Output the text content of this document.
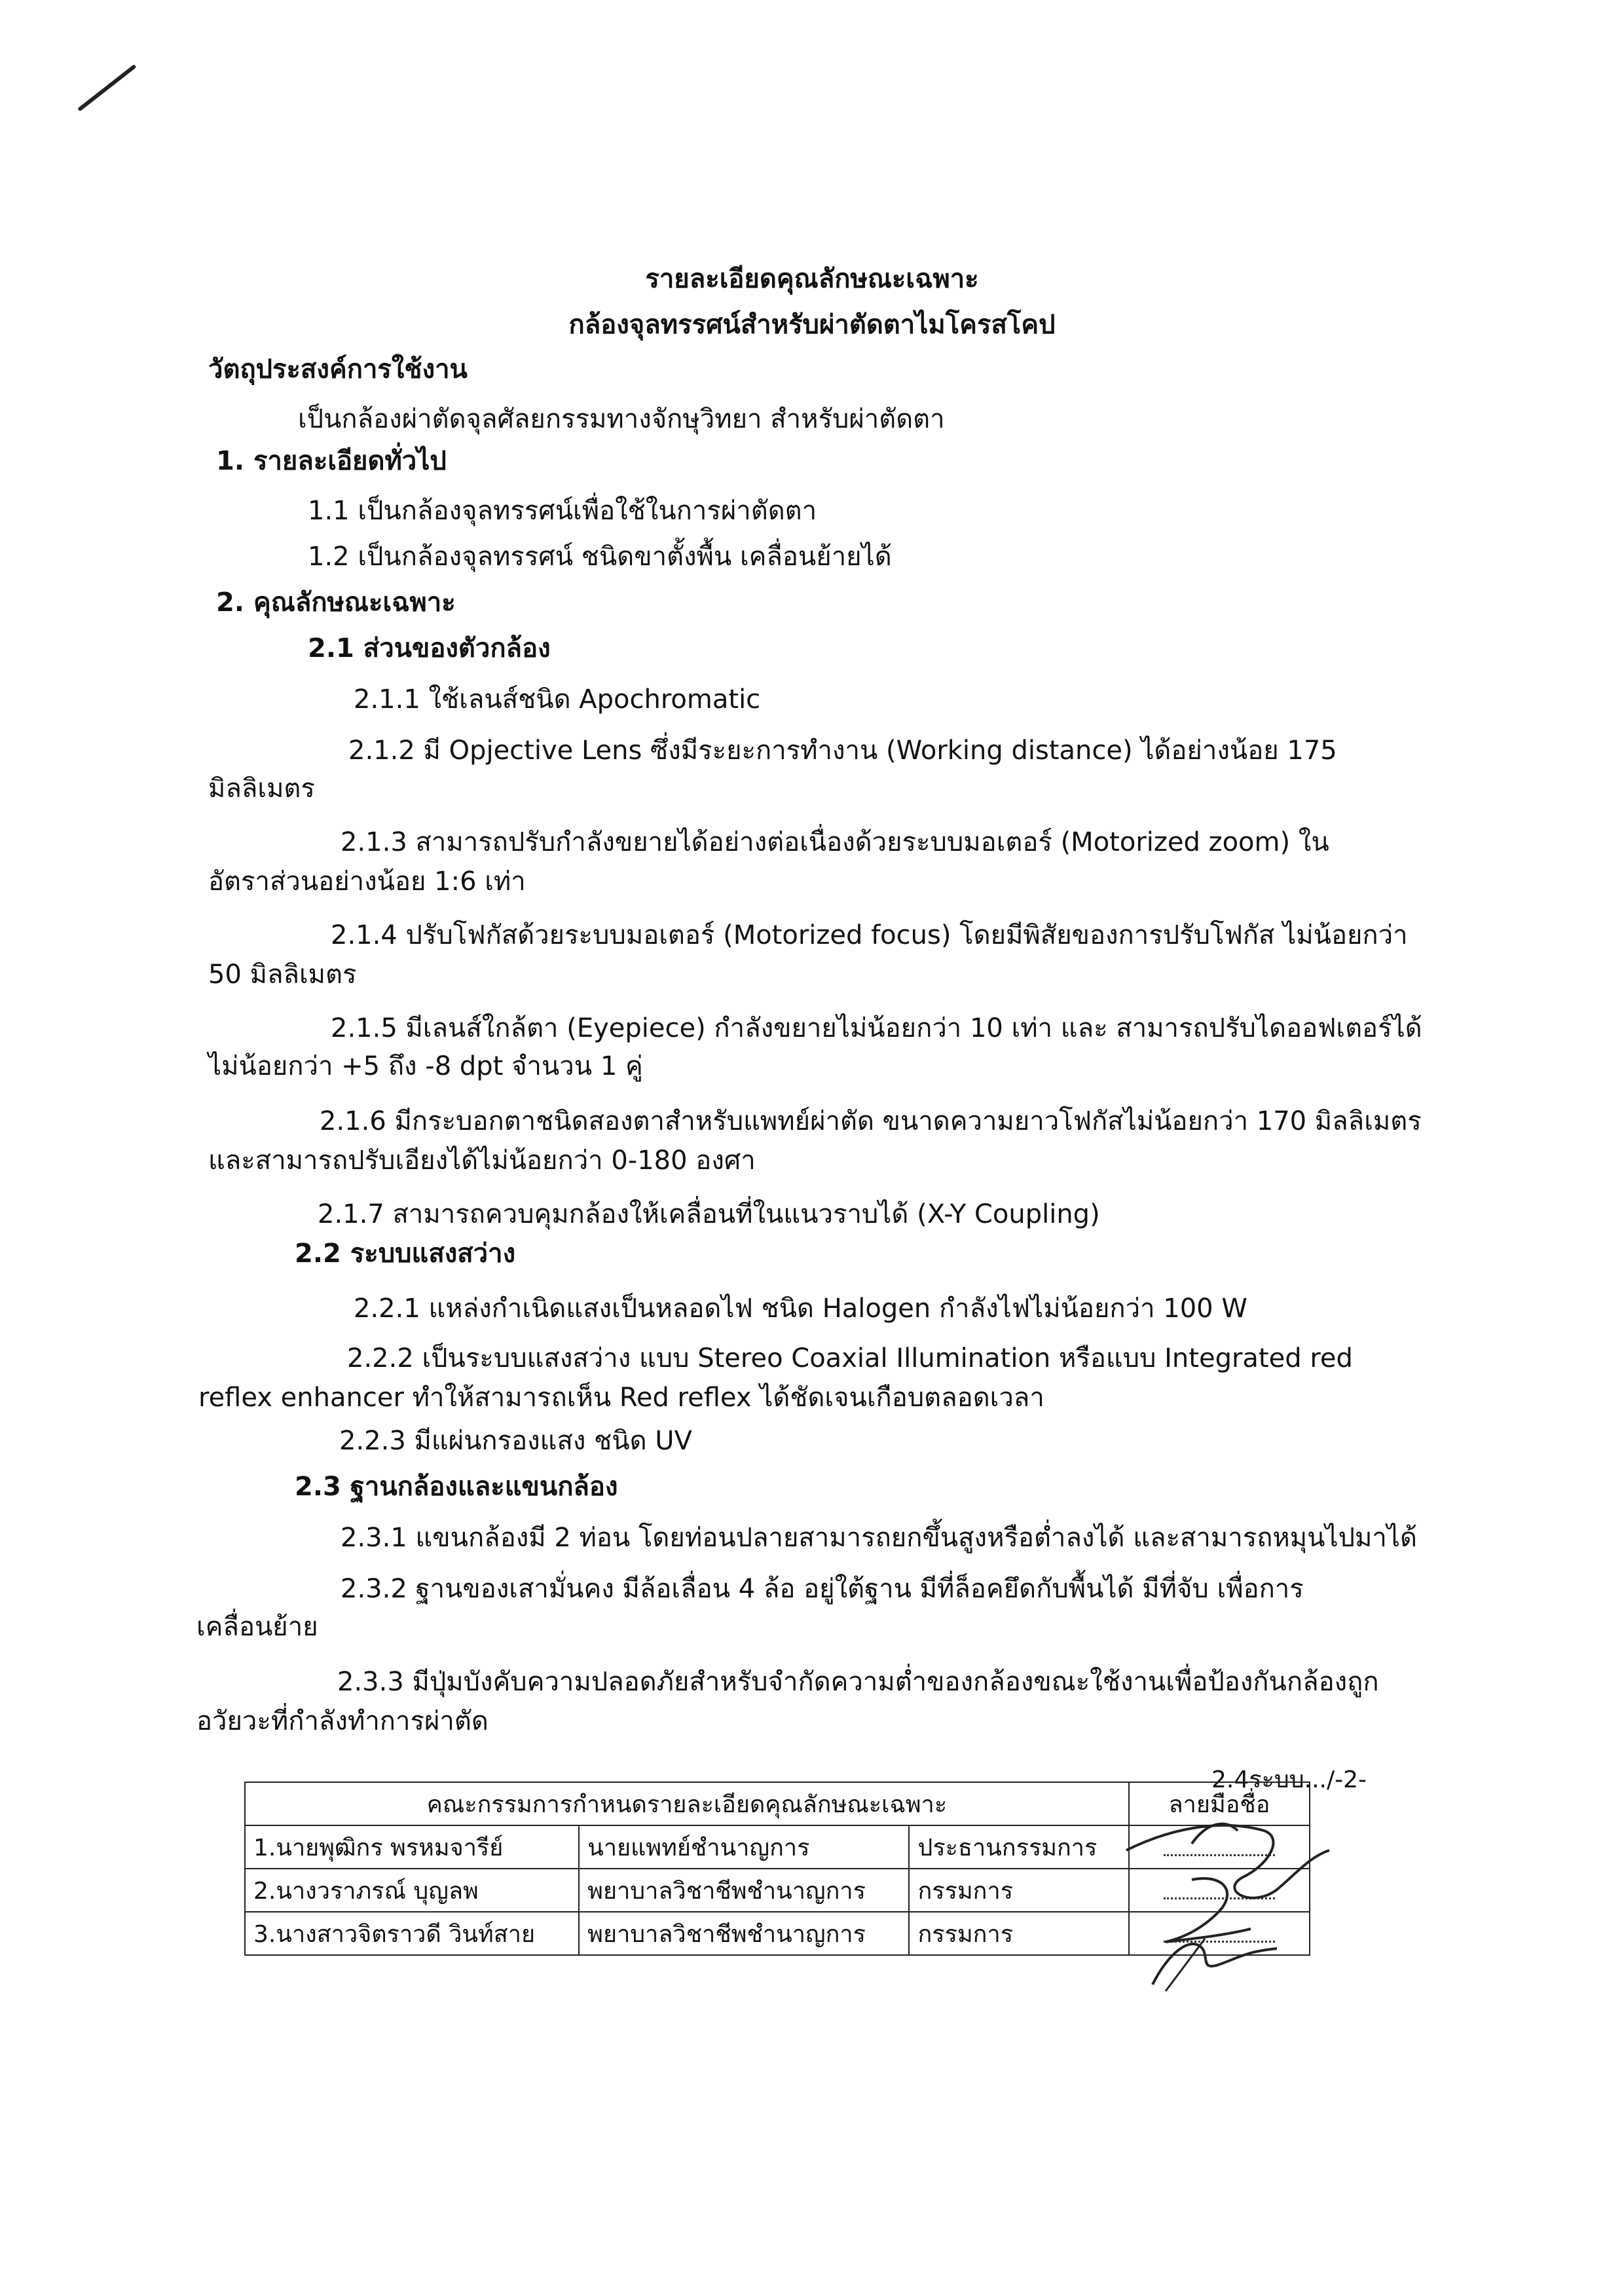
รายละเอียดคุณลักษณะเฉพาะ

กล้องจุลทรรศน์สำหรับผ่าตัดตาไมโครสโคป

วัตถุประสงค์การใช้งาน

เป็นกล้องผ่าตัดจุลศัลยกรรมทางจักษุวิทยา สำหรับผ่าตัดตา

1. รายละเอียดทั่วไป

1.1 เป็นกล้องจุลทรรศน์เพื่อใช้ในการผ่าตัดตา

1.2 เป็นกล้องจุลทรรศน์ ชนิดขาตั้งพื้น เคลื่อนย้ายได้

2. คุณลักษณะเฉพาะ

2.1 ส่วนของตัวกล้อง

2.1.1 ใช้เลนส์ชนิด Apochromatic

2.1.2 มี Opjective Lens ซึ่งมีระยะการทำงาน (Working distance) ได้อย่างน้อย 175

มิลลิเมตร

2.1.3 สามารถปรับกำลังขยายได้อย่างต่อเนื่องด้วยระบบมอเตอร์ (Motorized zoom) ใน

อัตราส่วนอย่างน้อย 1:6 เท่า

2.1.4 ปรับโฟกัสด้วยระบบมอเตอร์ (Motorized focus) โดยมีพิสัยของการปรับโฟกัส ไม่น้อยกว่า

50 มิลลิเมตร

2.1.5 มีเลนส์ใกล้ตา (Eyepiece) กำลังขยายไม่น้อยกว่า 10 เท่า และ สามารถปรับไดออฟเตอร์ได้

ไม่น้อยกว่า +5 ถึง -8 dpt จำนวน 1 คู่

2.1.6 มีกระบอกตาชนิดสองตาสำหรับแพทย์ผ่าตัด ขนาดความยาวโฟกัสไม่น้อยกว่า 170 มิลลิเมตร

และสามารถปรับเอียงได้ไม่น้อยกว่า 0-180 องศา

2.1.7 สามารถควบคุมกล้องให้เคลื่อนที่ในแนวราบได้ (X-Y Coupling)

2.2 ระบบแสงสว่าง

2.2.1 แหล่งกำเนิดแสงเป็นหลอดไฟ ชนิด Halogen กำลังไฟไม่น้อยกว่า 100 W

2.2.2 เป็นระบบแสงสว่าง แบบ Stereo Coaxial Illumination หรือแบบ Integrated red

reflex enhancer ทำให้สามารถเห็น Red reflex ได้ชัดเจนเกือบตลอดเวลา

2.2.3 มีแผ่นกรองแสง ชนิด UV

2.3 ฐานกล้องและแขนกล้อง

2.3.1 แขนกล้องมี 2 ท่อน โดยท่อนปลายสามารถยกขึ้นสูงหรือต่ำลงได้ และสามารถหมุนไปมาได้

2.3.2 ฐานของเสามั่นคง มีล้อเลื่อน 4 ล้อ อยู่ใต้ฐาน มีที่ล็อคยึดกับพื้นได้ มีที่จับ เพื่อการ

เคลื่อนย้าย

2.3.3 มีปุ่มบังคับความปลอดภัยสำหรับจำกัดความต่ำของกล้องขณะใช้งานเพื่อป้องกันกล้องถูก

อวัยวะที่กำลังทำการผ่าตัด

2.4ระบบ.../-2-

คณะกรรมการกำหนดรายละเอียดคุณลักษณะเฉพาะ			ลายมือชื่อ
1.นายพุฒิกร พรหมจารีย์	นายแพทย์ชำนาญการ	ประธานกรรมการ	
2.นางวราภรณ์ บุญลพ	พยาบาลวิชาชีพชำนาญการ	กรรมการ	
3.นางสาวจิตราวดี วินท์สาย	พยาบาลวิชาชีพชำนาญการ	กรรมการ	
